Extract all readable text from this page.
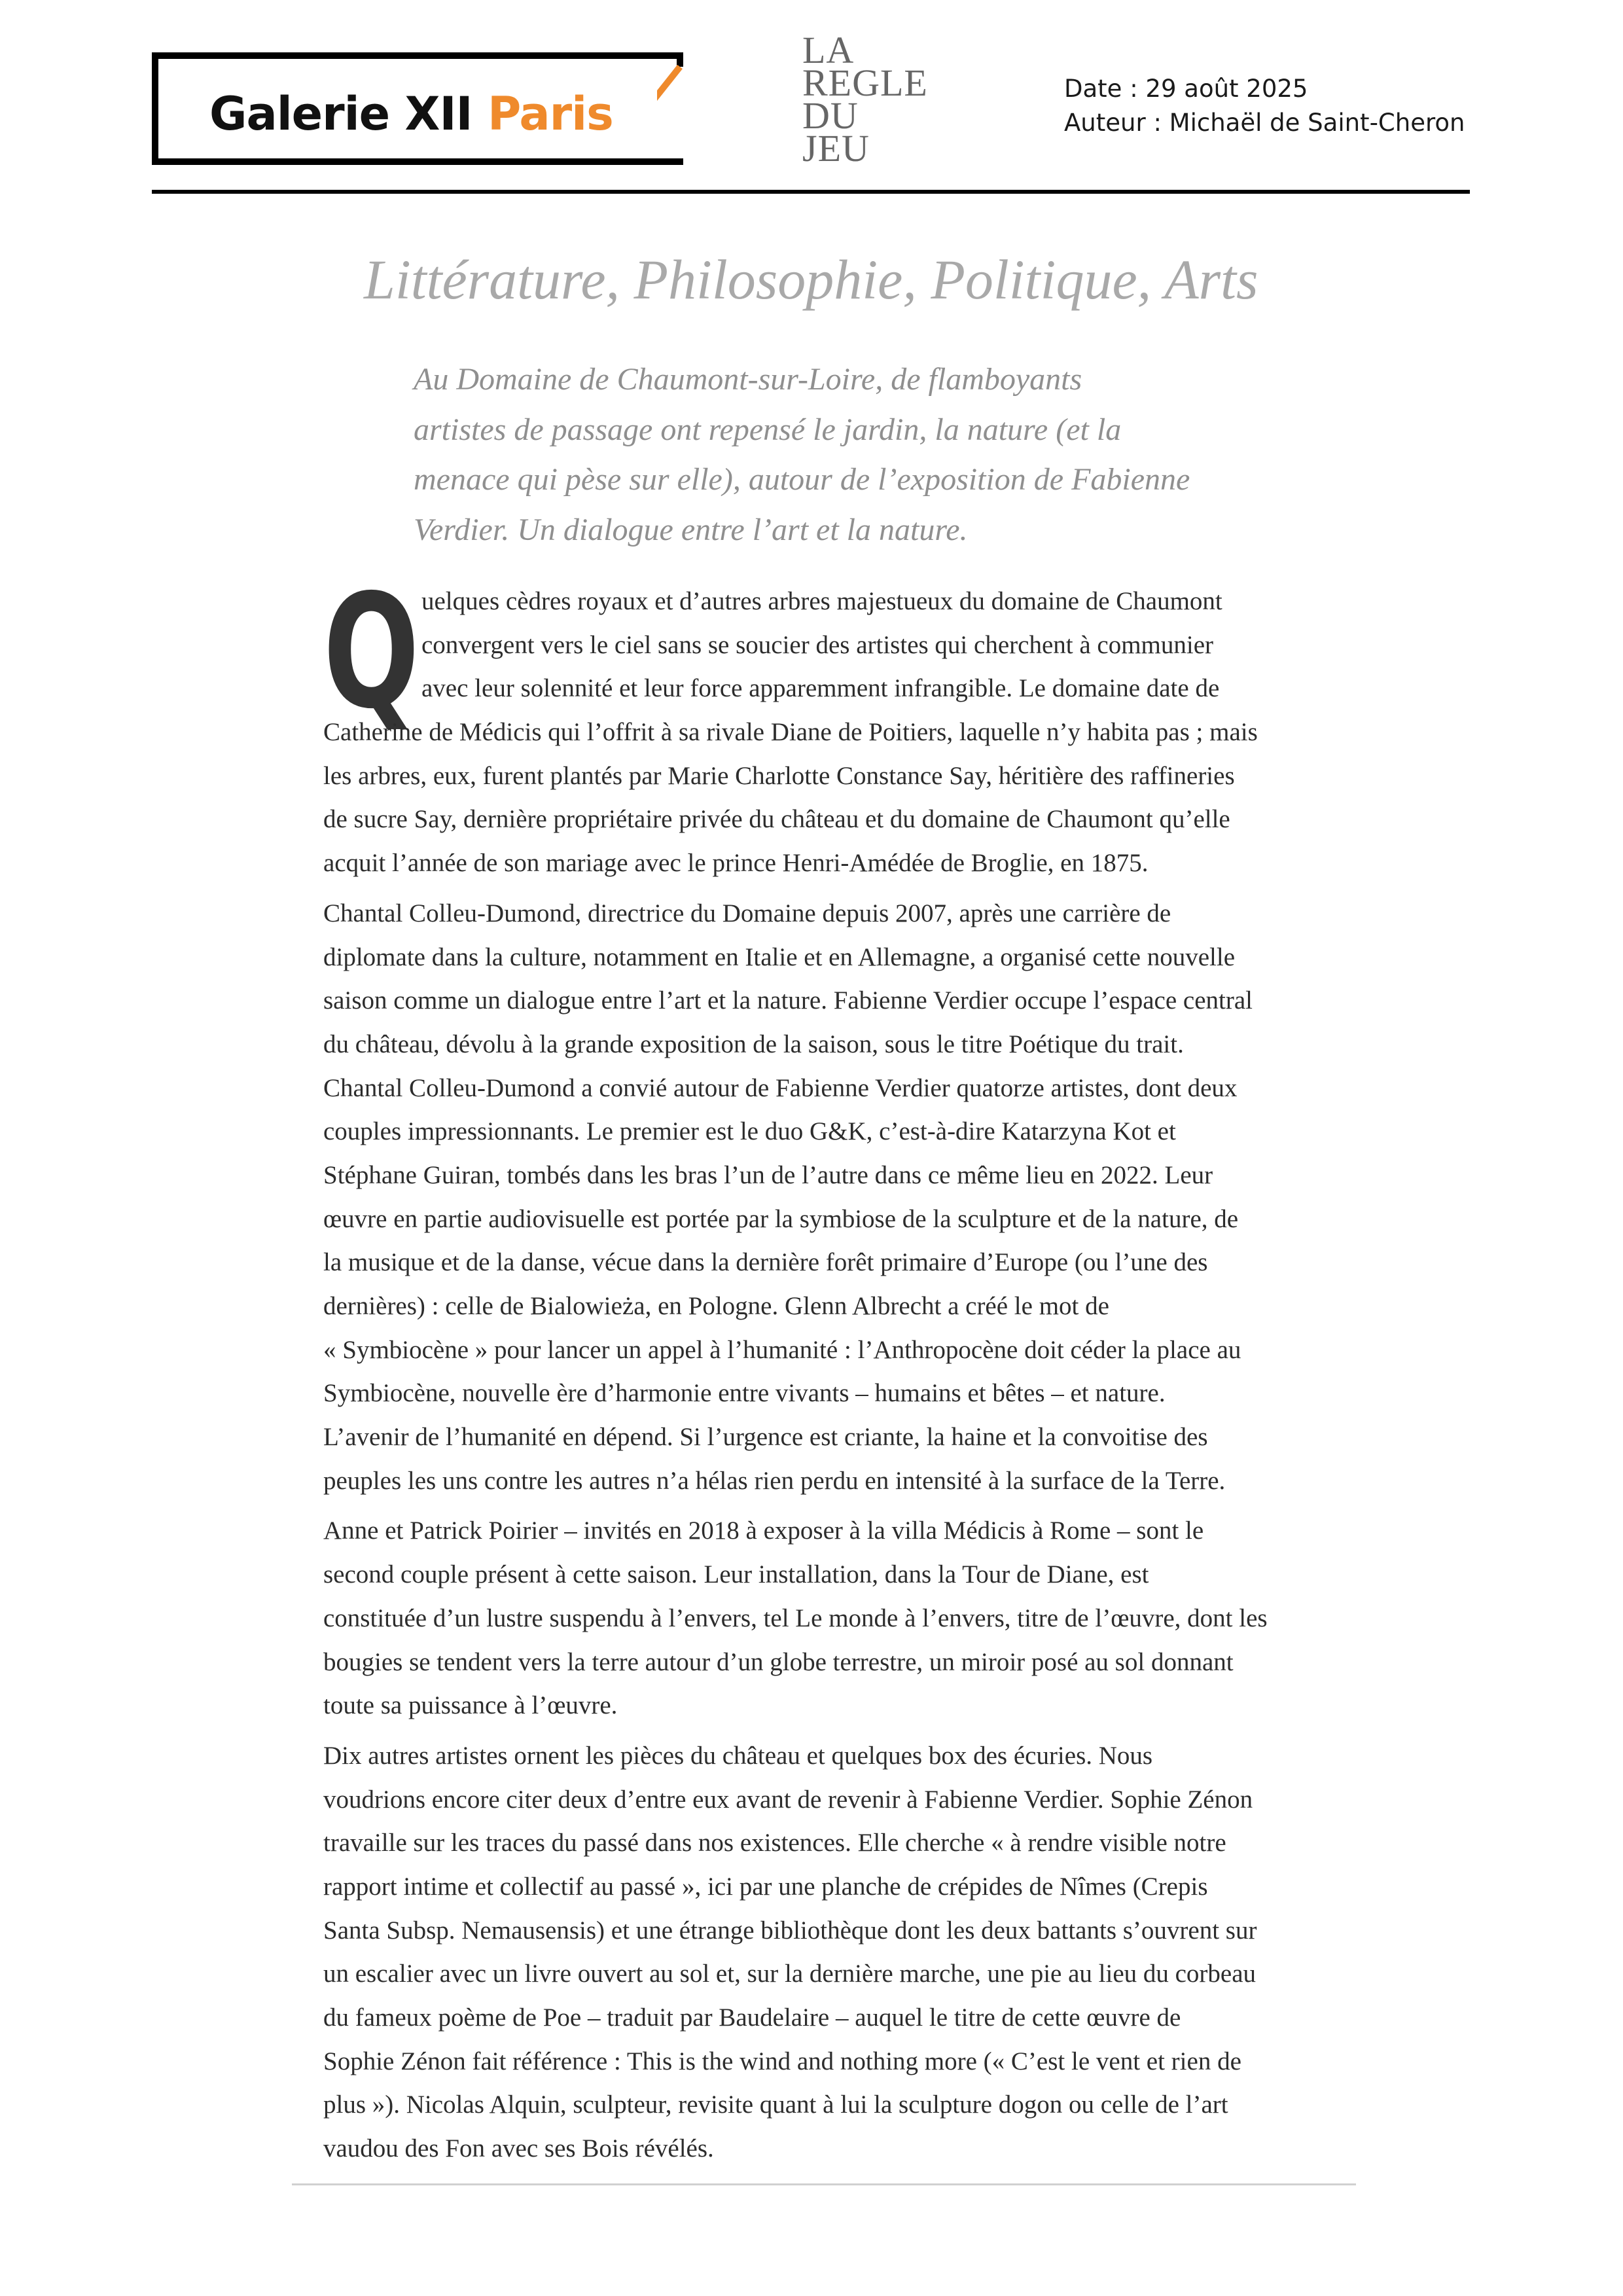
Galerie XII Paris
LA
REGLE
DU
JEU
Date : 29 août 2025
Auteur : Michaël de Saint-Cheron
Littérature, Philosophie, Politique, Arts
Au Domaine de Chaumont-sur-Loire, de flamboyants
artistes de passage ont repensé le jardin, la nature (et la
menace qui pèse sur elle), autour de l’exposition de Fabienne
Verdier. Un dialogue entre l’art et la nature.
Q uelques cèdres royaux et d’autres arbres majestueux du domaine de Chaumont
convergent vers le ciel sans se soucier des artistes qui cherchent à communier
avec leur solennité et leur force apparemment infrangible. Le domaine date de
Catherine de Médicis qui l’offrit à sa rivale Diane de Poitiers, laquelle n’y habita pas ; mais
les arbres, eux, furent plantés par Marie Charlotte Constance Say, héritière des raffineries
de sucre Say, dernière propriétaire privée du château et du domaine de Chaumont qu’elle
acquit l’année de son mariage avec le prince Henri-Amédée de Broglie, en 1875.
Chantal Colleu-Dumond, directrice du Domaine depuis 2007, après une carrière de
diplomate dans la culture, notamment en Italie et en Allemagne, a organisé cette nouvelle
saison comme un dialogue entre l’art et la nature. Fabienne Verdier occupe l’espace central
du château, dévolu à la grande exposition de la saison, sous le titre Poétique du trait.
Chantal Colleu-Dumond a convié autour de Fabienne Verdier quatorze artistes, dont deux
couples impressionnants. Le premier est le duo G&K, c’est-à-dire Katarzyna Kot et
Stéphane Guiran, tombés dans les bras l’un de l’autre dans ce même lieu en 2022. Leur
œuvre en partie audiovisuelle est portée par la symbiose de la sculpture et de la nature, de
la musique et de la danse, vécue dans la dernière forêt primaire d’Europe (ou l’une des
dernières) : celle de Bialowieża, en Pologne. Glenn Albrecht a créé le mot de
« Symbiocène » pour lancer un appel à l’humanité : l’Anthropocène doit céder la place au
Symbiocène, nouvelle ère d’harmonie entre vivants – humains et bêtes – et nature.
L’avenir de l’humanité en dépend. Si l’urgence est criante, la haine et la convoitise des
peuples les uns contre les autres n’a hélas rien perdu en intensité à la surface de la Terre.
Anne et Patrick Poirier – invités en 2018 à exposer à la villa Médicis à Rome – sont le
second couple présent à cette saison. Leur installation, dans la Tour de Diane, est
constituée d’un lustre suspendu à l’envers, tel Le monde à l’envers, titre de l’œuvre, dont les
bougies se tendent vers la terre autour d’un globe terrestre, un miroir posé au sol donnant
toute sa puissance à l’œuvre.
Dix autres artistes ornent les pièces du château et quelques box des écuries. Nous
voudrions encore citer deux d’entre eux avant de revenir à Fabienne Verdier. Sophie Zénon
travaille sur les traces du passé dans nos existences. Elle cherche « à rendre visible notre
rapport intime et collectif au passé », ici par une planche de crépides de Nîmes (Crepis
Santa Subsp. Nemausensis) et une étrange bibliothèque dont les deux battants s’ouvrent sur
un escalier avec un livre ouvert au sol et, sur la dernière marche, une pie au lieu du corbeau
du fameux poème de Poe – traduit par Baudelaire – auquel le titre de cette œuvre de
Sophie Zénon fait référence : This is the wind and nothing more (« C’est le vent et rien de
plus »). Nicolas Alquin, sculpteur, revisite quant à lui la sculpture dogon ou celle de l’art
vaudou des Fon avec ses Bois révélés.
